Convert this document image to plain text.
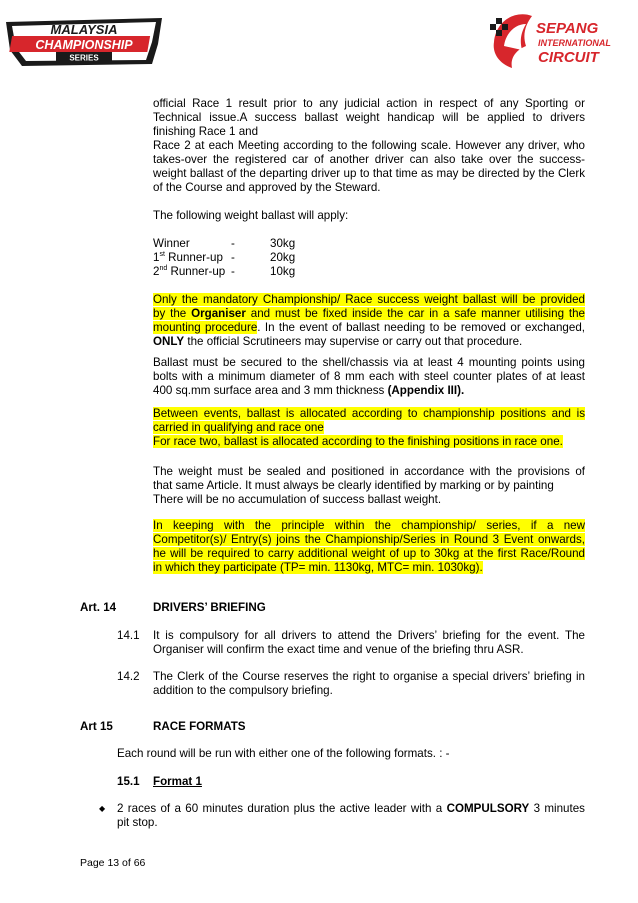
MALAYSIA
CHAMPIONSHIP
SERIES
SEPANG
INTERNATIONAL
CIRCUIT
official Race 1 result prior to any judicial action in respect of any Sporting or
Technical issue.A success ballast weight handicap will be applied to drivers
finishing Race 1 and
Race 2 at each Meeting according to the following scale. However any driver, who
takes-over the registered car of another driver can also take over the success-
weight ballast of the departing driver up to that time as may be directed by the Clerk
of the Course and approved by the Steward.
The following weight ballast will apply:
Winner	-	30kg
1st Runner-up -	20kg
2nd Runner-up -	10kg
Only the mandatory Championship/ Race success weight ballast will be provided
by the Organiser and must be fixed inside the car in a safe manner utilising the
mounting procedure. In the event of ballast needing to be removed or exchanged,
ONLY the official Scrutineers may supervise or carry out that procedure.
Ballast must be secured to the shell/chassis via at least 4 mounting points using
bolts with a minimum diameter of 8 mm each with steel counter plates of at least
400 sq.mm surface area and 3 mm thickness (Appendix III).
Between events, ballast is allocated according to championship positions and is
carried in qualifying and race one
For race two, ballast is allocated according to the finishing positions in race one.
The weight must be sealed and positioned in accordance with the provisions of
that same Article. It must always be clearly identified by marking or by painting
There will be no accumulation of success ballast weight.
In keeping with the principle within the championship/ series, if a new
Competitor(s)/ Entry(s) joins the Championship/Series in Round 3 Event onwards,
he will be required to carry additional weight of up to 30kg at the first Race/Round
in which they participate (TP= min. 1130kg, MTC= min. 1030kg).
Art. 14	DRIVERS’ BRIEFING
14.1 It is compulsory for all drivers to attend the Drivers’ briefing for the event. The
Organiser will confirm the exact time and venue of the briefing thru ASR.
14.2 The Clerk of the Course reserves the right to organise a special drivers’ briefing in
addition to the compulsory briefing.
Art 15	RACE FORMATS
Each round will be run with either one of the following formats. : -
15.1 Format 1
◆ 2 races of a 60 minutes duration plus the active leader with a COMPULSORY 3 minutes
pit stop.
Page 13 of 66
